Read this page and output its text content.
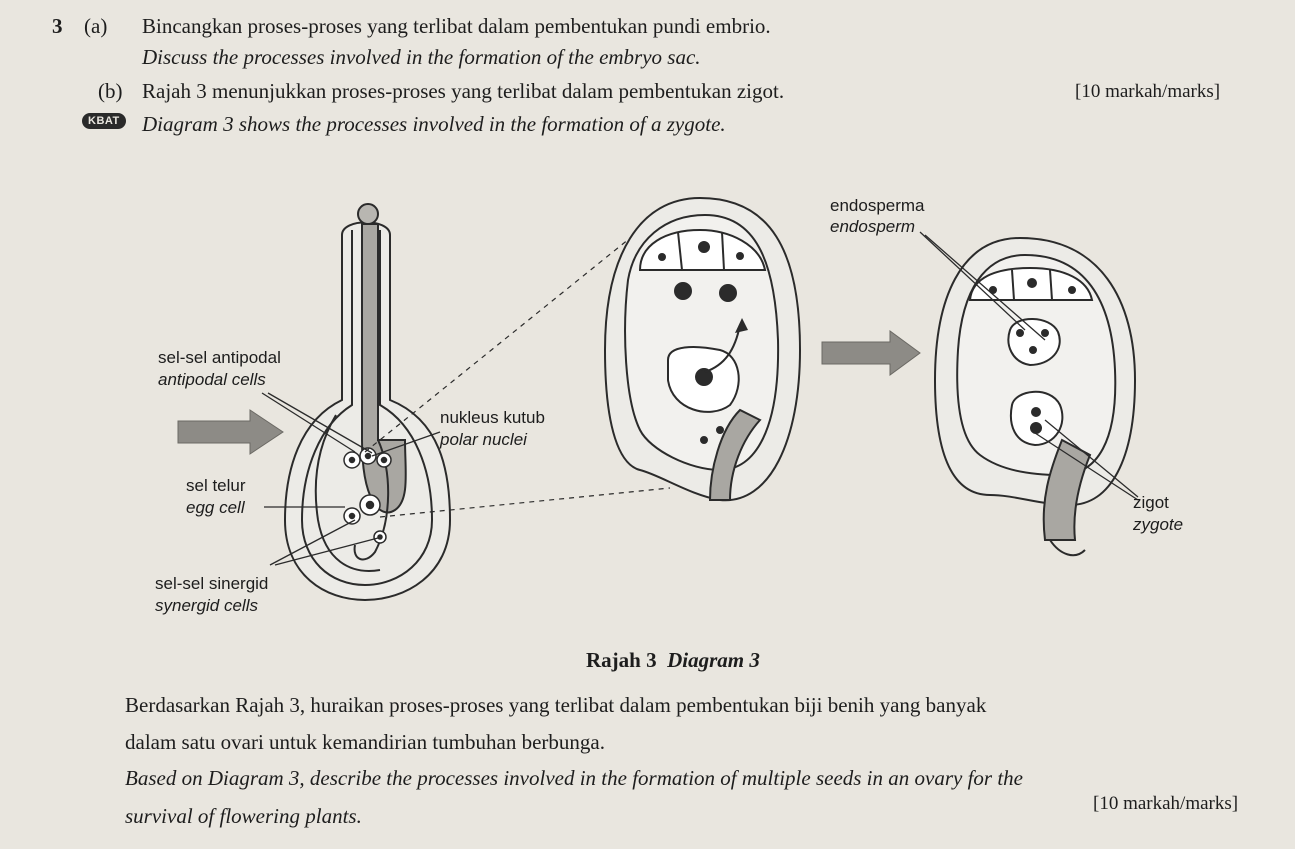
3 (a) Bincangkan proses-proses yang terlibat dalam pembentukan pundi embrio.
Discuss the processes involved in the formation of the embryo sac.
[10 markah/marks]
(b) Rajah 3 menunjukkan proses-proses yang terlibat dalam pembentukan zigot.
KBAT Diagram 3 shows the processes involved in the formation of a zygote.
sel-sel antipodal
antipodal cells
nukleus kutub
polar nuclei
sel telur
egg cell
sel-sel sinergid
synergid cells
endosperma
endosperm
zigot
zygote
Rajah 3 Diagram 3
Berdasarkan Rajah 3, huraikan proses-proses yang terlibat dalam pembentukan biji benih yang banyak
dalam satu ovari untuk kemandirian tumbuhan berbunga.
Based on Diagram 3, describe the processes involved in the formation of multiple seeds in an ovary for the
survival of flowering plants.
[10 markah/marks]
